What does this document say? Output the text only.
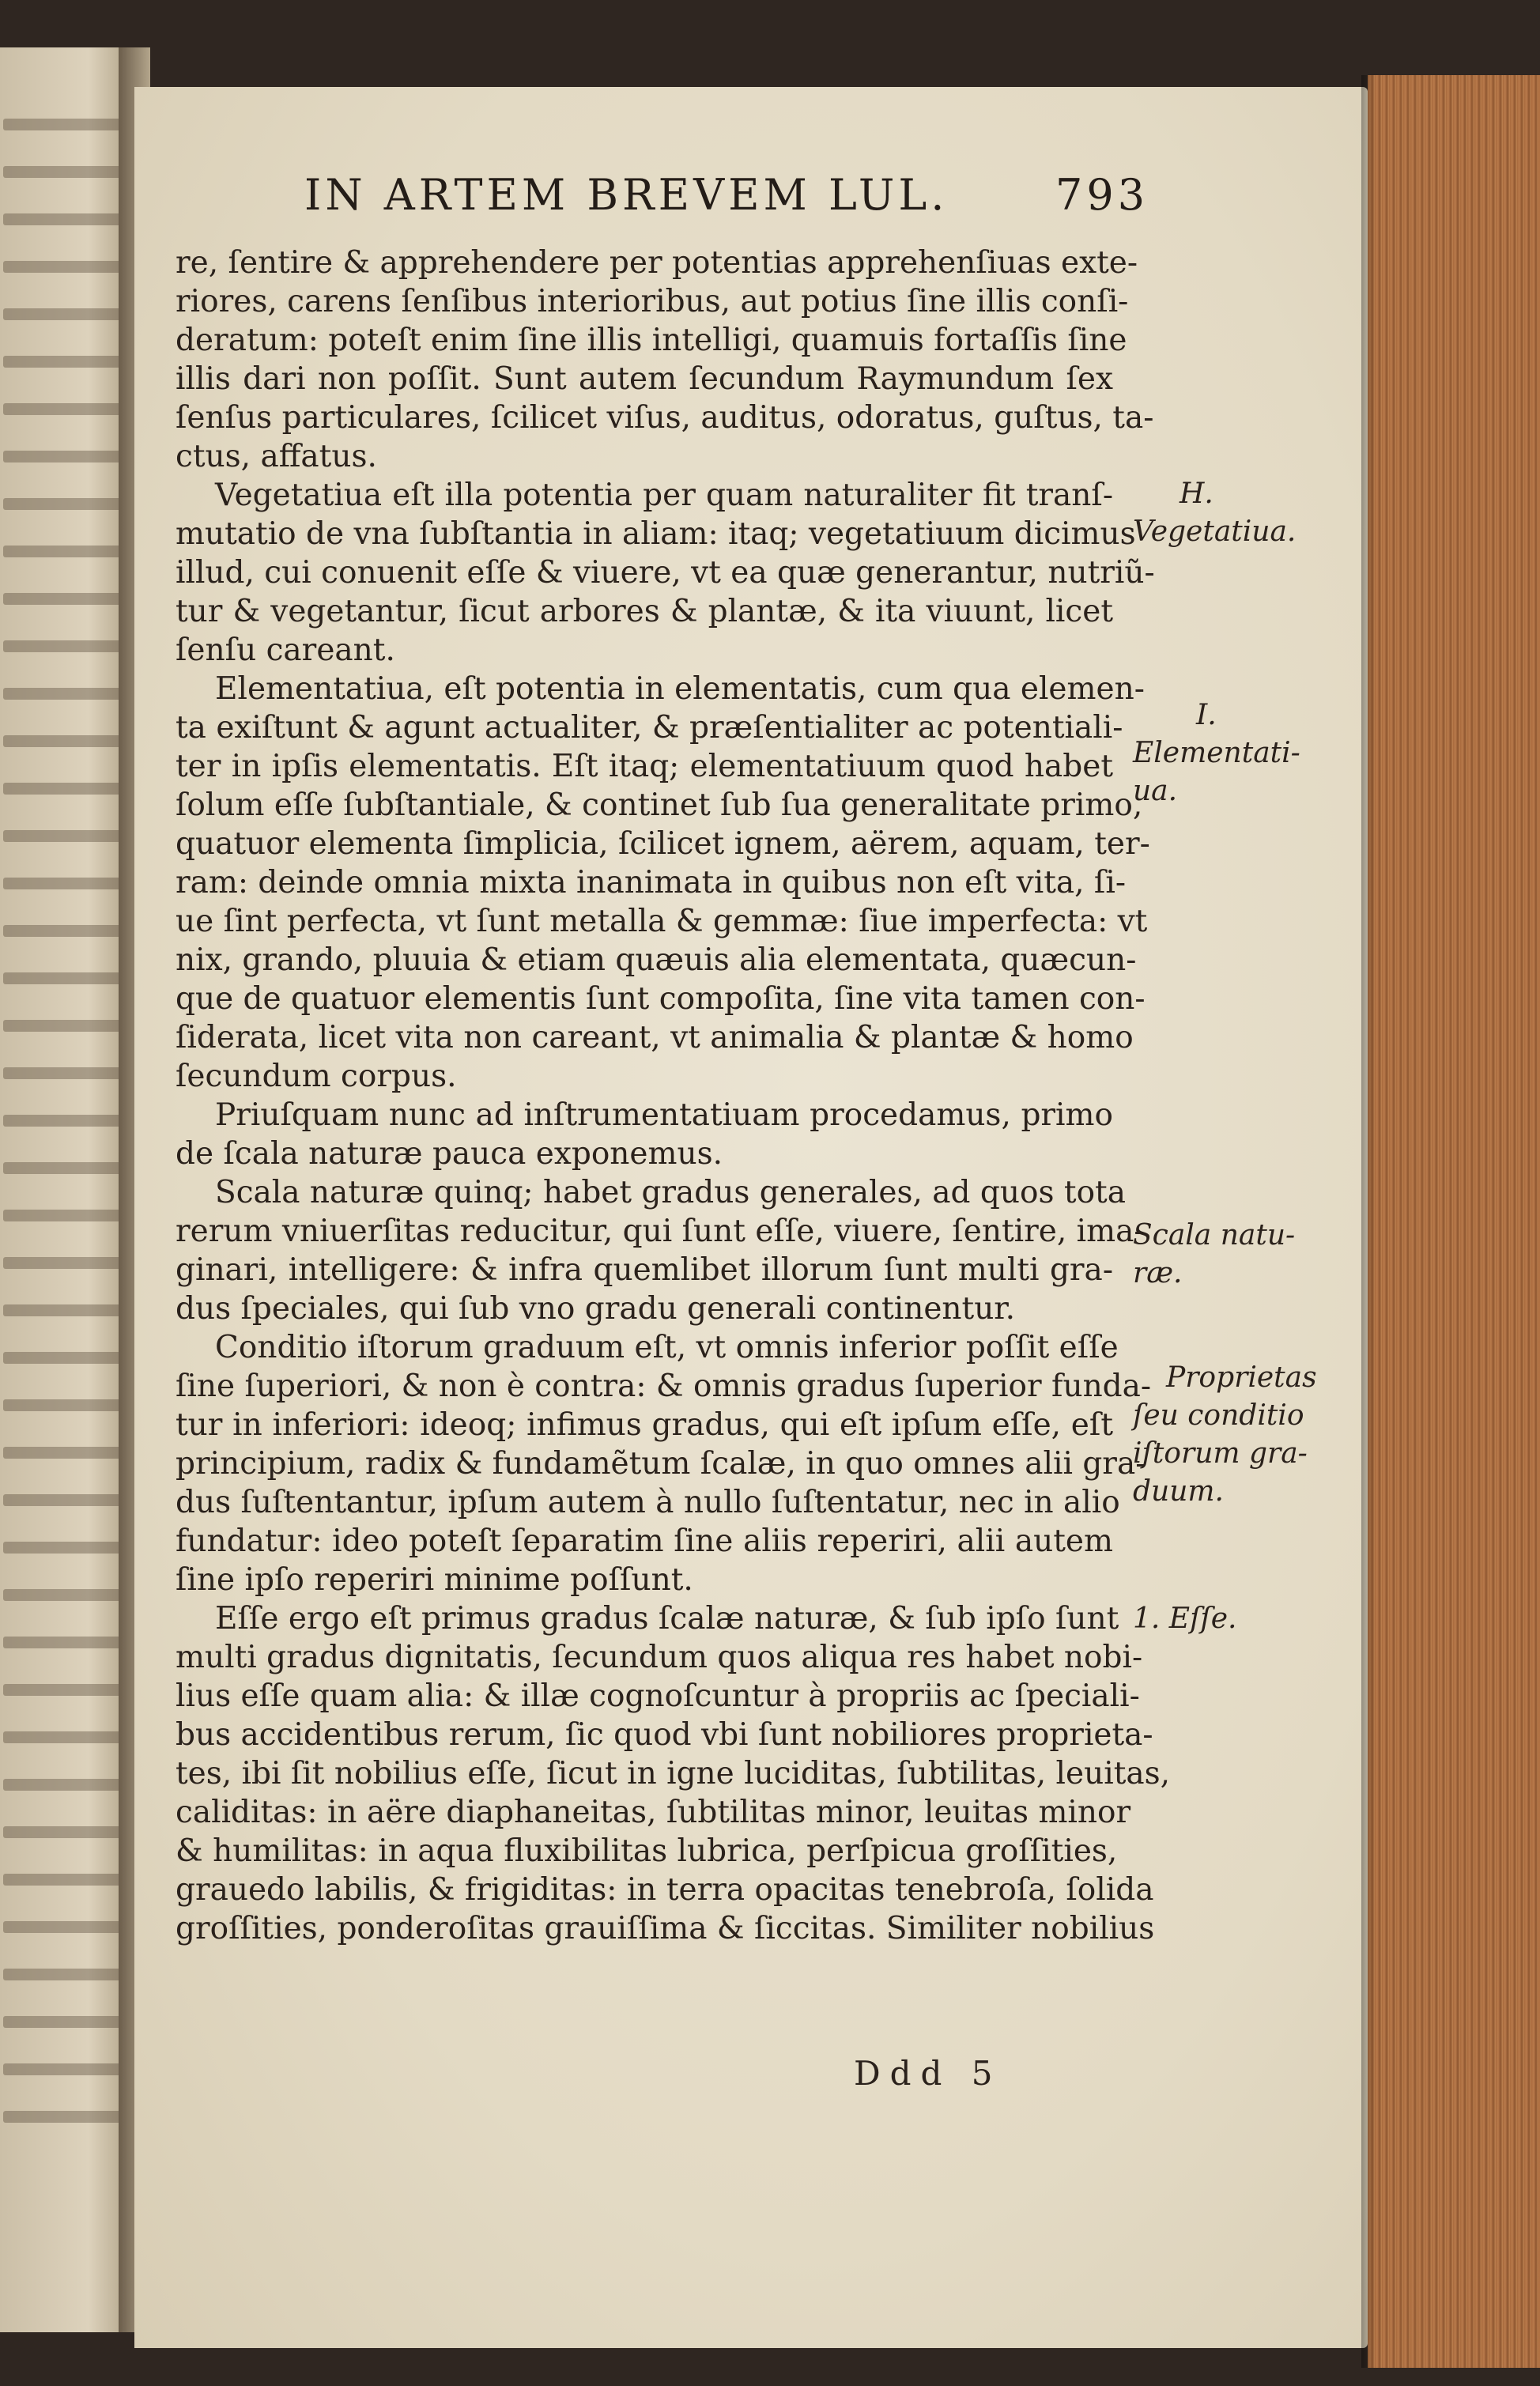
IN ARTEM BREVEM LUL.	793
re, ſentire & apprehendere per potentias apprehenſiuas exte-
riores, carens ſenſibus interioribus, aut potius ſine illis conſi-
deratum: poteſt enim ſine illis intelligi, quamuis fortaſſis ſine
illis dari non poſſit. Sunt autem ſecundum Raymundum ſex
ſenſus particulares, ſcilicet viſus, auditus, odoratus, guſtus, ta-
ctus, affatus.
Vegetatiua eſt illa potentia per quam naturaliter fit tranſ-
mutatio de vna ſubſtantia in aliam: itaq; vegetatiuum dicimus
illud, cui conuenit eſſe & viuere, vt ea quæ generantur, nutriũ-
tur & vegetantur, ſicut arbores & plantæ, & ita viuunt, licet
ſenſu careant.
Elementatiua, eſt potentia in elementatis, cum qua elemen-
ta exiſtunt & agunt actualiter, & præſentialiter ac potentiali-
ter in ipſis elementatis. Eſt itaq; elementatiuum quod habet
ſolum eſſe ſubſtantiale, & continet ſub ſua generalitate primo,
quatuor elementa ſimplicia, ſcilicet ignem, aërem, aquam, ter-
ram: deinde omnia mixta inanimata in quibus non eſt vita, ſi-
ue ſint perfecta, vt ſunt metalla & gemmæ: ſiue imperfecta: vt
nix, grando, pluuia & etiam quæuis alia elementata, quæcun-
que de quatuor elementis ſunt compoſita, ſine vita tamen con-
ſiderata, licet vita non careant, vt animalia & plantæ & homo
ſecundum corpus.
Priuſquam nunc ad inſtrumentatiuam procedamus, primo
de ſcala naturæ pauca exponemus.
Scala naturæ quinq; habet gradus generales, ad quos tota
rerum vniuerſitas reducitur, qui ſunt eſſe, viuere, ſentire, ima-
ginari, intelligere: & infra quemlibet illorum ſunt multi gra-
dus ſpeciales, qui ſub vno gradu generali continentur.
Conditio iſtorum graduum eſt, vt omnis inferior poſſit eſſe
ſine ſuperiori, & non è contra: & omnis gradus ſuperior funda-
tur in inferiori: ideoq; infimus gradus, qui eſt ipſum eſſe, eſt
principium, radix & fundamẽtum ſcalæ, in quo omnes alii gra-
dus ſuſtentantur, ipſum autem à nullo ſuſtentatur, nec in alio
fundatur: ideo poteſt ſeparatim ſine aliis reperiri, alii autem
ſine ipſo reperiri minime poſſunt.
Eſſe ergo eſt primus gradus ſcalæ naturæ, & ſub ipſo ſunt
multi gradus dignitatis, ſecundum quos aliqua res habet nobi-
lius eſſe quam alia: & illæ cognoſcuntur à propriis ac ſpeciali-
bus accidentibus rerum, ſic quod vbi ſunt nobiliores proprieta-
tes, ibi ſit nobilius eſſe, ſicut in igne luciditas, ſubtilitas, leuitas,
caliditas: in aëre diaphaneitas, ſubtilitas minor, leuitas minor
& humilitas: in aqua fluxibilitas lubrica, perſpicua groſſities,
grauedo labilis, & frigiditas: in terra opacitas tenebroſa, ſolida
groſſities, ponderoſitas grauiſſima & ſiccitas. Similiter nobilius
H.
Vegetatiua.
I.
Elementati-
ua.
Scala natu-
ræ.
Proprietas
ſeu conditio
iſtorum gra-
duum.
1. Eſſe.
Ddd 5
